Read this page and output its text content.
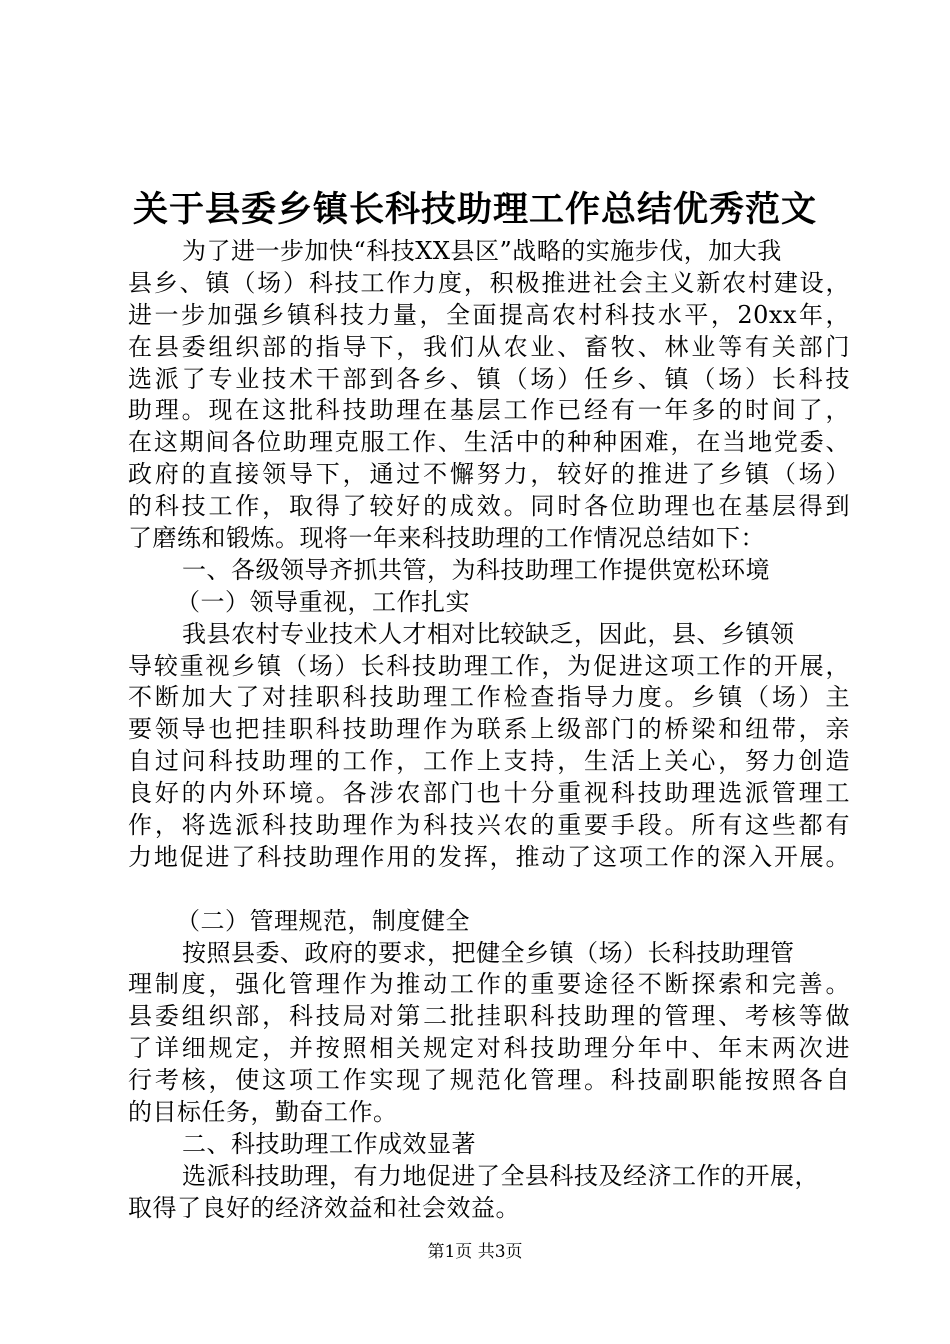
关于县委乡镇长科技助理工作总结优秀范文
为了进一步加快“科技XX县区”战略的实施步伐，加大我
县乡、镇（场）科技工作力度，积极推进社会主义新农村建设，
进一步加强乡镇科技力量，全面提高农村科技水平，20xx年，
在县委组织部的指导下，我们从农业、畜牧、林业等有关部门
选派了专业技术干部到各乡、镇（场）任乡、镇（场）长科技
助理。现在这批科技助理在基层工作已经有一年多的时间了，
在这期间各位助理克服工作、生活中的种种困难，在当地党委、
政府的直接领导下，通过不懈努力，较好的推进了乡镇（场）
的科技工作，取得了较好的成效。同时各位助理也在基层得到
了磨练和锻炼。现将一年来科技助理的工作情况总结如下：
一、各级领导齐抓共管，为科技助理工作提供宽松环境
（一）领导重视，工作扎实
我县农村专业技术人才相对比较缺乏，因此，县、乡镇领
导较重视乡镇（场）长科技助理工作，为促进这项工作的开展，
不断加大了对挂职科技助理工作检查指导力度。乡镇（场）主
要领导也把挂职科技助理作为联系上级部门的桥梁和纽带，亲
自过问科技助理的工作，工作上支持，生活上关心，努力创造
良好的内外环境。各涉农部门也十分重视科技助理选派管理工
作，将选派科技助理作为科技兴农的重要手段。所有这些都有
力地促进了科技助理作用的发挥，推动了这项工作的深入开展。
（二）管理规范，制度健全
按照县委、政府的要求，把健全乡镇（场）长科技助理管
理制度，强化管理作为推动工作的重要途径不断探索和完善。
县委组织部，科技局对第二批挂职科技助理的管理、考核等做
了详细规定，并按照相关规定对科技助理分年中、年末两次进
行考核，使这项工作实现了规范化管理。科技副职能按照各自
的目标任务，勤奋工作。
二、科技助理工作成效显著
选派科技助理，有力地促进了全县科技及经济工作的开展，
取得了良好的经济效益和社会效益。
第1页 共3页
